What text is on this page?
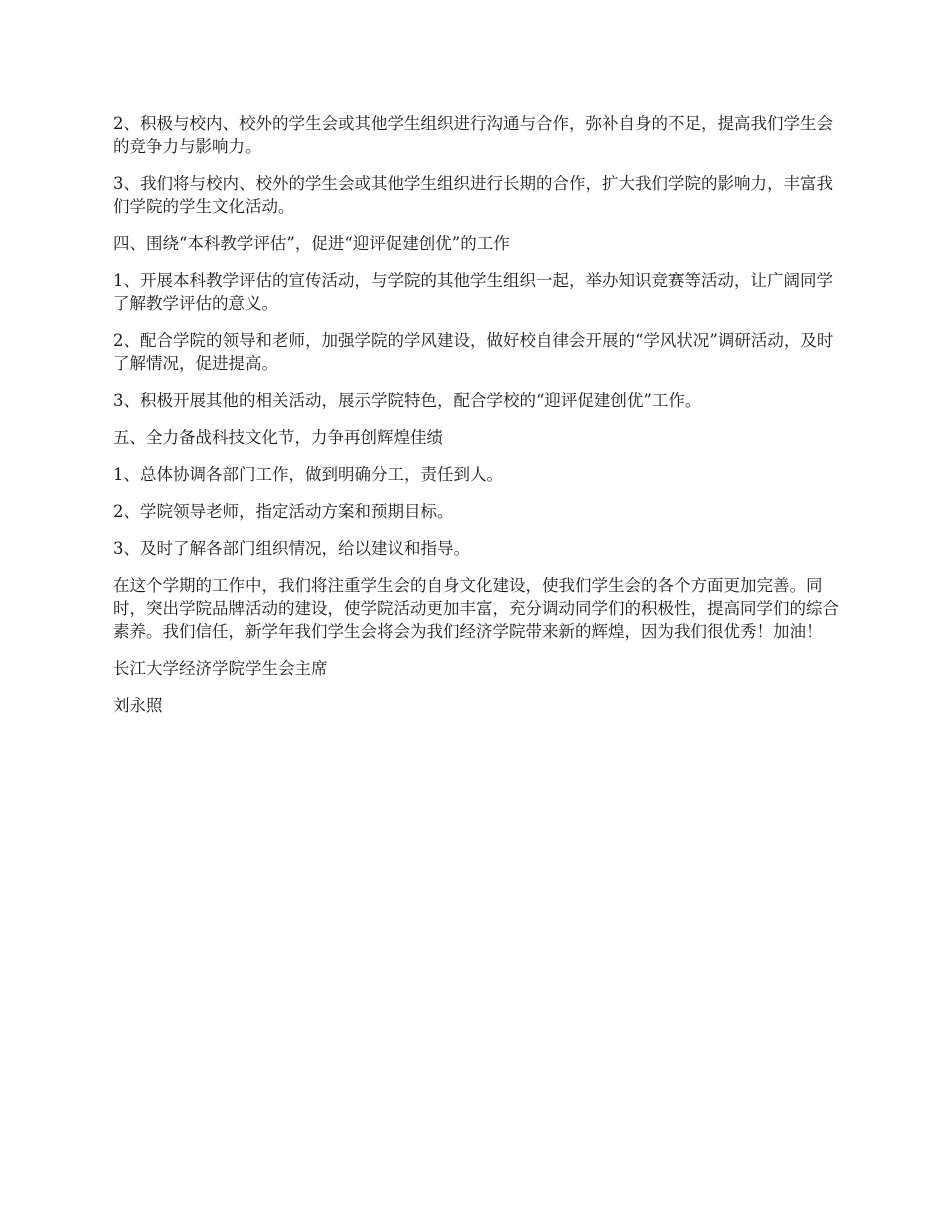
2、积极与校内、校外的学生会或其他学生组织进行沟通与合作，弥补自身的不足，提高我们学生会的竞争力与影响力。

3、我们将与校内、校外的学生会或其他学生组织进行长期的合作，扩大我们学院的影响力，丰富我们学院的学生文化活动。

四、围绕“本科教学评估”，促进“迎评促建创优”的工作

1、开展本科教学评估的宣传活动，与学院的其他学生组织一起，举办知识竞赛等活动，让广阔同学了解教学评估的意义。

2、配合学院的领导和老师，加强学院的学风建设，做好校自律会开展的“学风状况”调研活动，及时了解情况，促进提高。

3、积极开展其他的相关活动，展示学院特色，配合学校的“迎评促建创优”工作。

五、全力备战科技文化节，力争再创辉煌佳绩

1、总体协调各部门工作，做到明确分工，责任到人。

2、学院领导老师，指定活动方案和预期目标。

3、及时了解各部门组织情况，给以建议和指导。

在这个学期的工作中，我们将注重学生会的自身文化建设，使我们学生会的各个方面更加完善。同时，突出学院品牌活动的建设，使学院活动更加丰富，充分调动同学们的积极性，提高同学们的综合素养。我们信任，新学年我们学生会将会为我们经济学院带来新的辉煌，因为我们很优秀！加油！

长江大学经济学院学生会主席

刘永照
